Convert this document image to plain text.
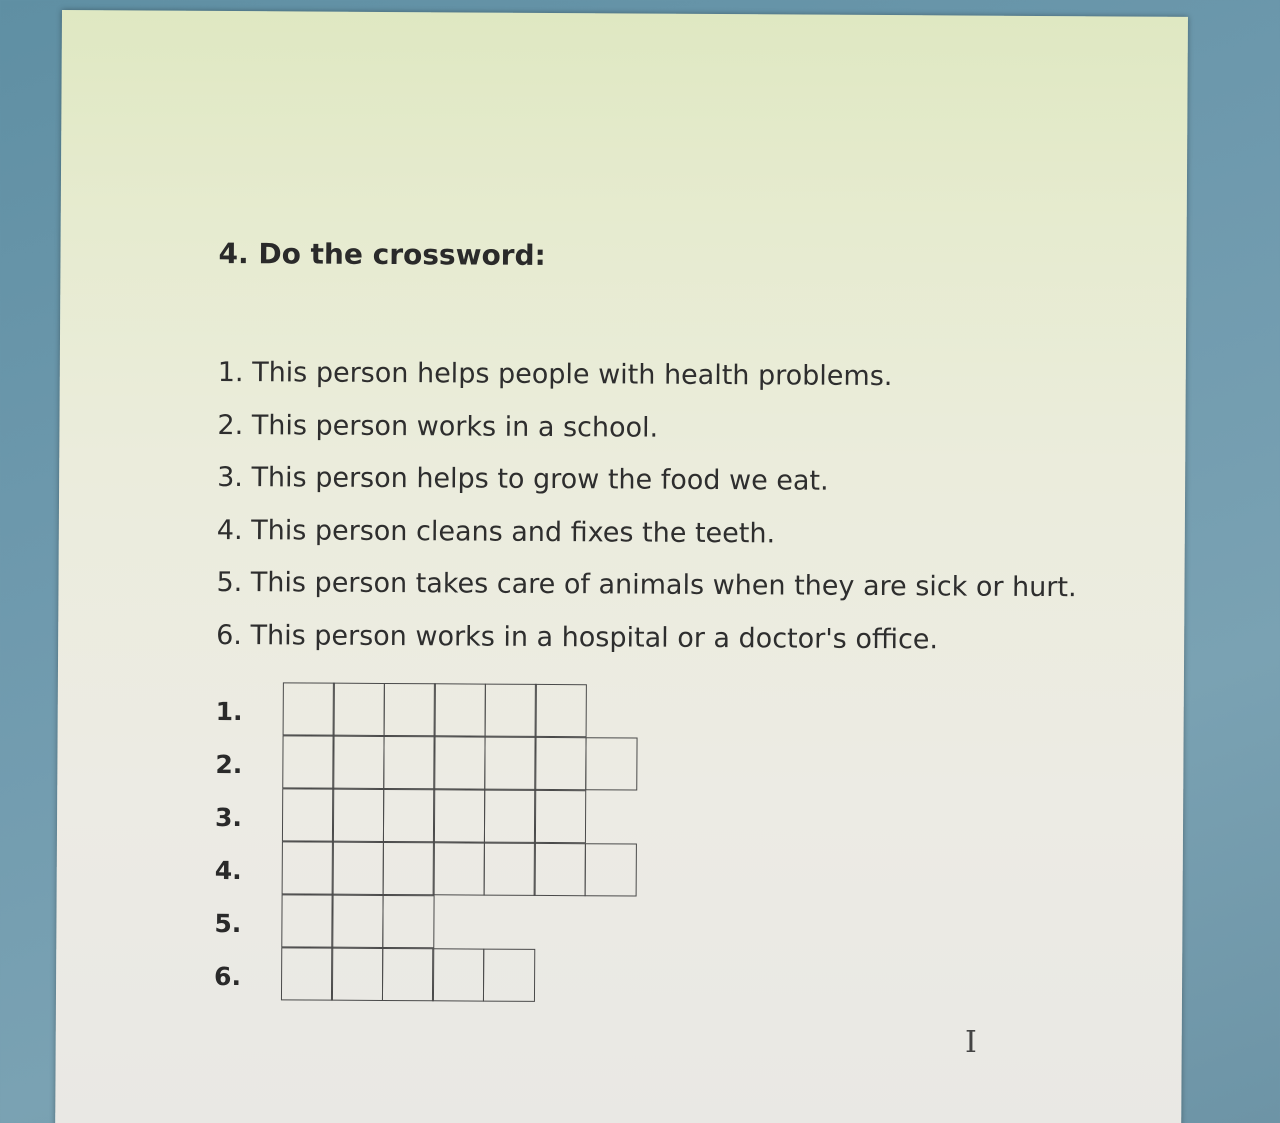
4. Do the crossword:
1. This person helps people with health problems.
2. This person works in a school.
3. This person helps to grow the food we eat.
4. This person cleans and fixes the teeth.
5. This person takes care of animals when they are sick or hurt.
6. This person works in a hospital or a doctor's office.
1.
2.
3.
4.
5.
6.
I
